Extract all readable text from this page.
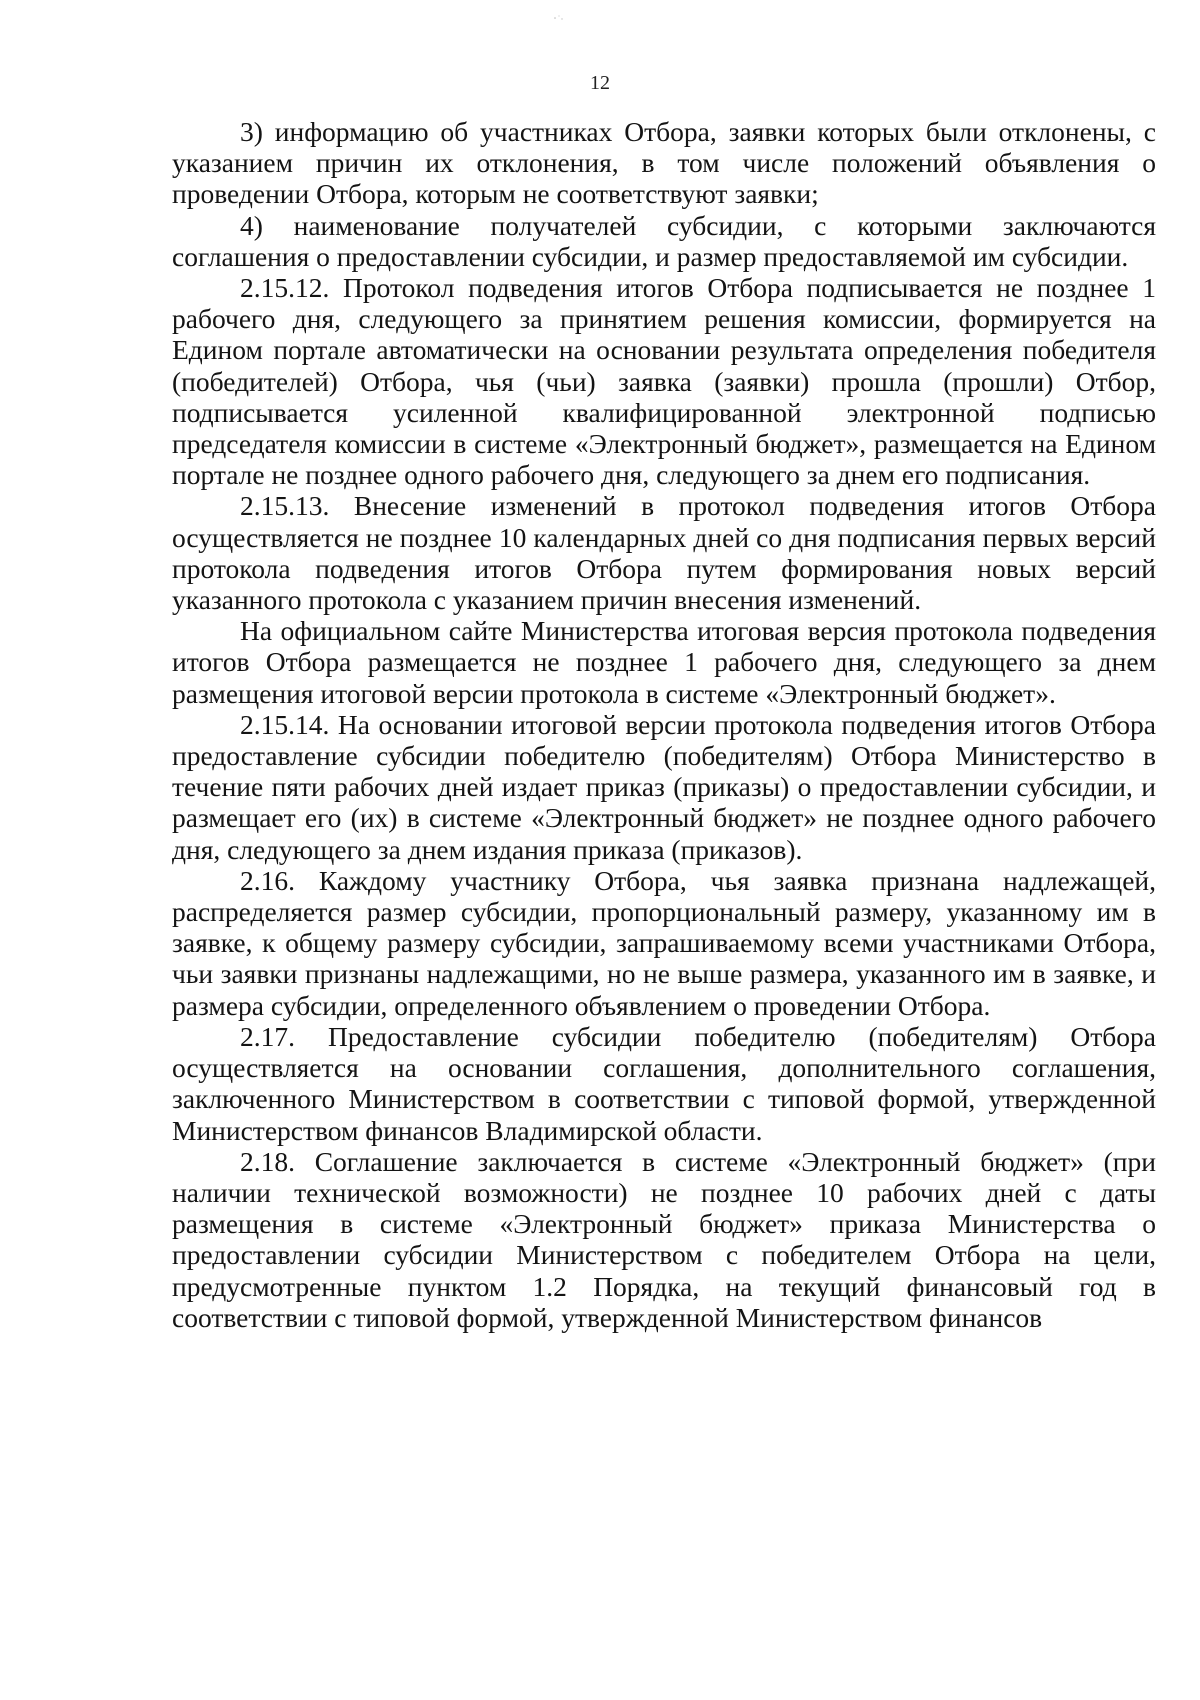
12

3) информацию об участниках Отбора, заявки которых были отклонены, с указанием причин их отклонения, в том числе положений объявления о проведении Отбора, которым не соответствуют заявки;

4) наименование получателей субсидии, с которыми заключаются соглашения о предоставлении субсидии, и размер предоставляемой им субсидии.

2.15.12. Протокол подведения итогов Отбора подписывается не позднее 1 рабочего дня, следующего за принятием решения комиссии, формируется на Едином портале автоматически на основании результата определения победителя (победителей) Отбора, чья (чьи) заявка (заявки) прошла (прошли) Отбор, подписывается усиленной квалифицированной электронной подписью председателя комиссии в системе «Электронный бюджет», размещается на Едином портале не позднее одного рабочего дня, следующего за днем его подписания.

2.15.13. Внесение изменений в протокол подведения итогов Отбора осуществляется не позднее 10 календарных дней со дня подписания первых версий протокола подведения итогов Отбора путем формирования новых версий указанного протокола с указанием причин внесения изменений.

На официальном сайте Министерства итоговая версия протокола подведения итогов Отбора размещается не позднее 1 рабочего дня, следующего за днем размещения итоговой версии протокола в системе «Электронный бюджет».

2.15.14. На основании итоговой версии протокола подведения итогов Отбора предоставление субсидии победителю (победителям) Отбора Министерство в течение пяти рабочих дней издает приказ (приказы) о предоставлении субсидии, и размещает его (их) в системе «Электронный бюджет» не позднее одного рабочего дня, следующего за днем издания приказа (приказов).

2.16. Каждому участнику Отбора, чья заявка признана надлежащей, распределяется размер субсидии, пропорциональный размеру, указанному им в заявке, к общему размеру субсидии, запрашиваемому всеми участниками Отбора, чьи заявки признаны надлежащими, но не выше размера, указанного им в заявке, и размера субсидии, определенного объявлением о проведении Отбора.

2.17. Предоставление субсидии победителю (победителям) Отбора осуществляется на основании соглашения, дополнительного соглашения, заключенного Министерством в соответствии с типовой формой, утвержденной Министерством финансов Владимирской области.

2.18. Соглашение заключается в системе «Электронный бюджет» (при наличии технической возможности) не позднее 10 рабочих дней с даты размещения в системе «Электронный бюджет» приказа Министерства о предоставлении субсидии Министерством с победителем Отбора на цели, предусмотренные пунктом 1.2 Порядка, на текущий финансовый год в соответствии с типовой формой, утвержденной Министерством финансов
